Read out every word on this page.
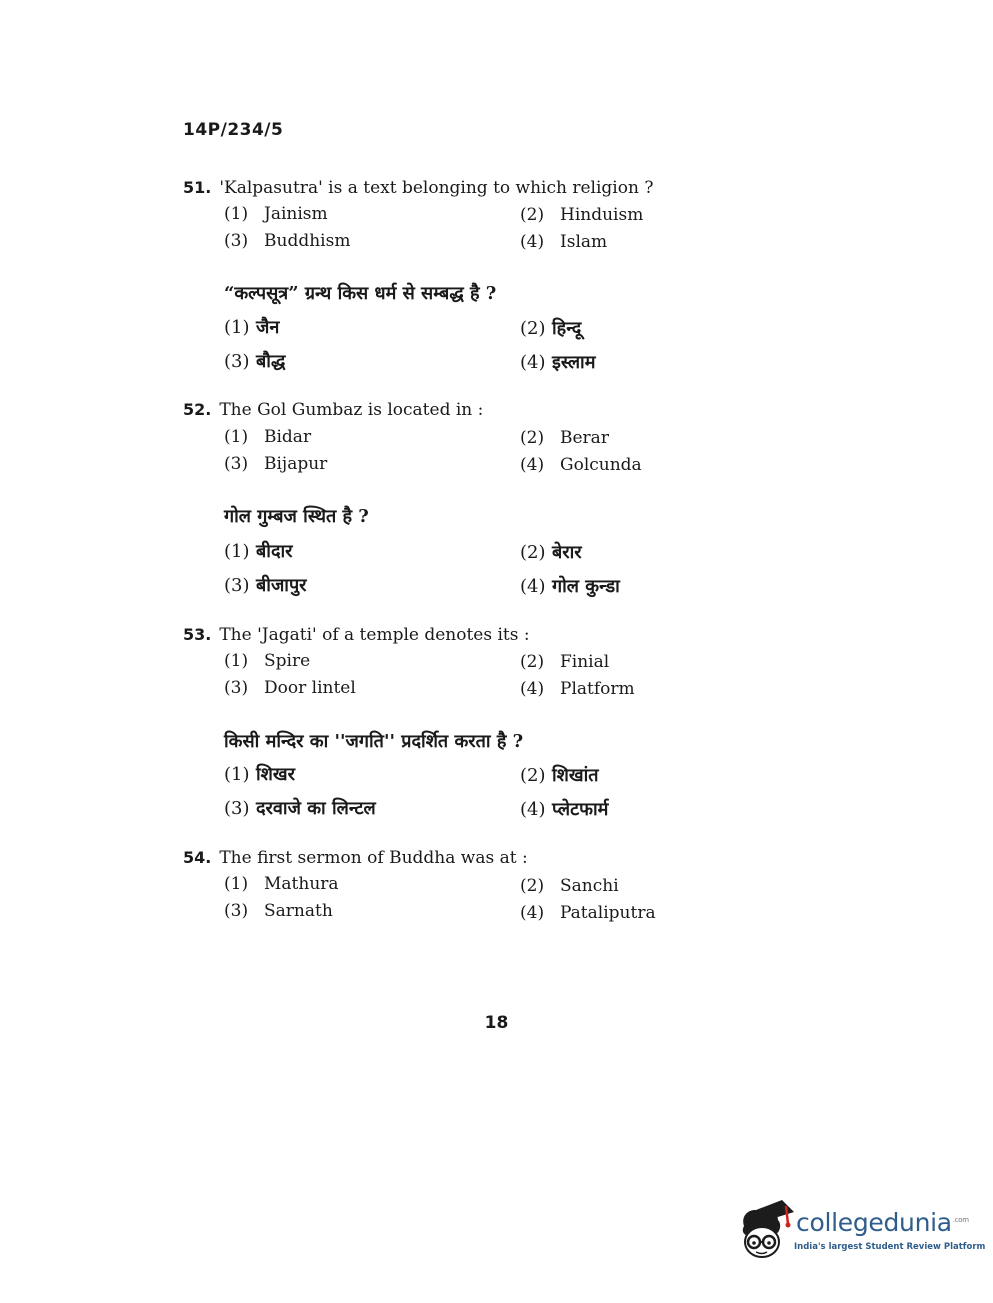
14P/234/5
51. 'Kalpasutra' is a text belonging to which religion ?
(1) Jainism	(2) Hinduism
(3) Buddhism	(4) Islam
“कल्पसूत्र” ग्रन्थ किस धर्म से सम्बद्ध है ?
(1) जैन	(2) हिन्दू
(3) बौद्ध	(4) इस्लाम
52. The Gol Gumbaz is located in :
(1) Bidar	(2) Berar
(3) Bijapur	(4) Golcunda
गोल गुम्बज स्थित है ?
(1) बीदार	(2) बेरार
(3) बीजापुर	(4) गोल कुन्डा
53. The 'Jagati' of a temple denotes its :
(1) Spire	(2) Finial
(3) Door lintel	(4) Platform
किसी मन्दिर का ''जगति'' प्रदर्शित करता है ?
(1) शिखर	(2) शिखांत
(3) दरवाजे का लिन्टल	(4) प्लेटफार्म
54. The first sermon of Buddha was at :
(1) Mathura	(2) Sanchi
(3) Sarnath	(4) Pataliputra
18
collegedunia$^{.com}$
India's largest Student Review Platform
